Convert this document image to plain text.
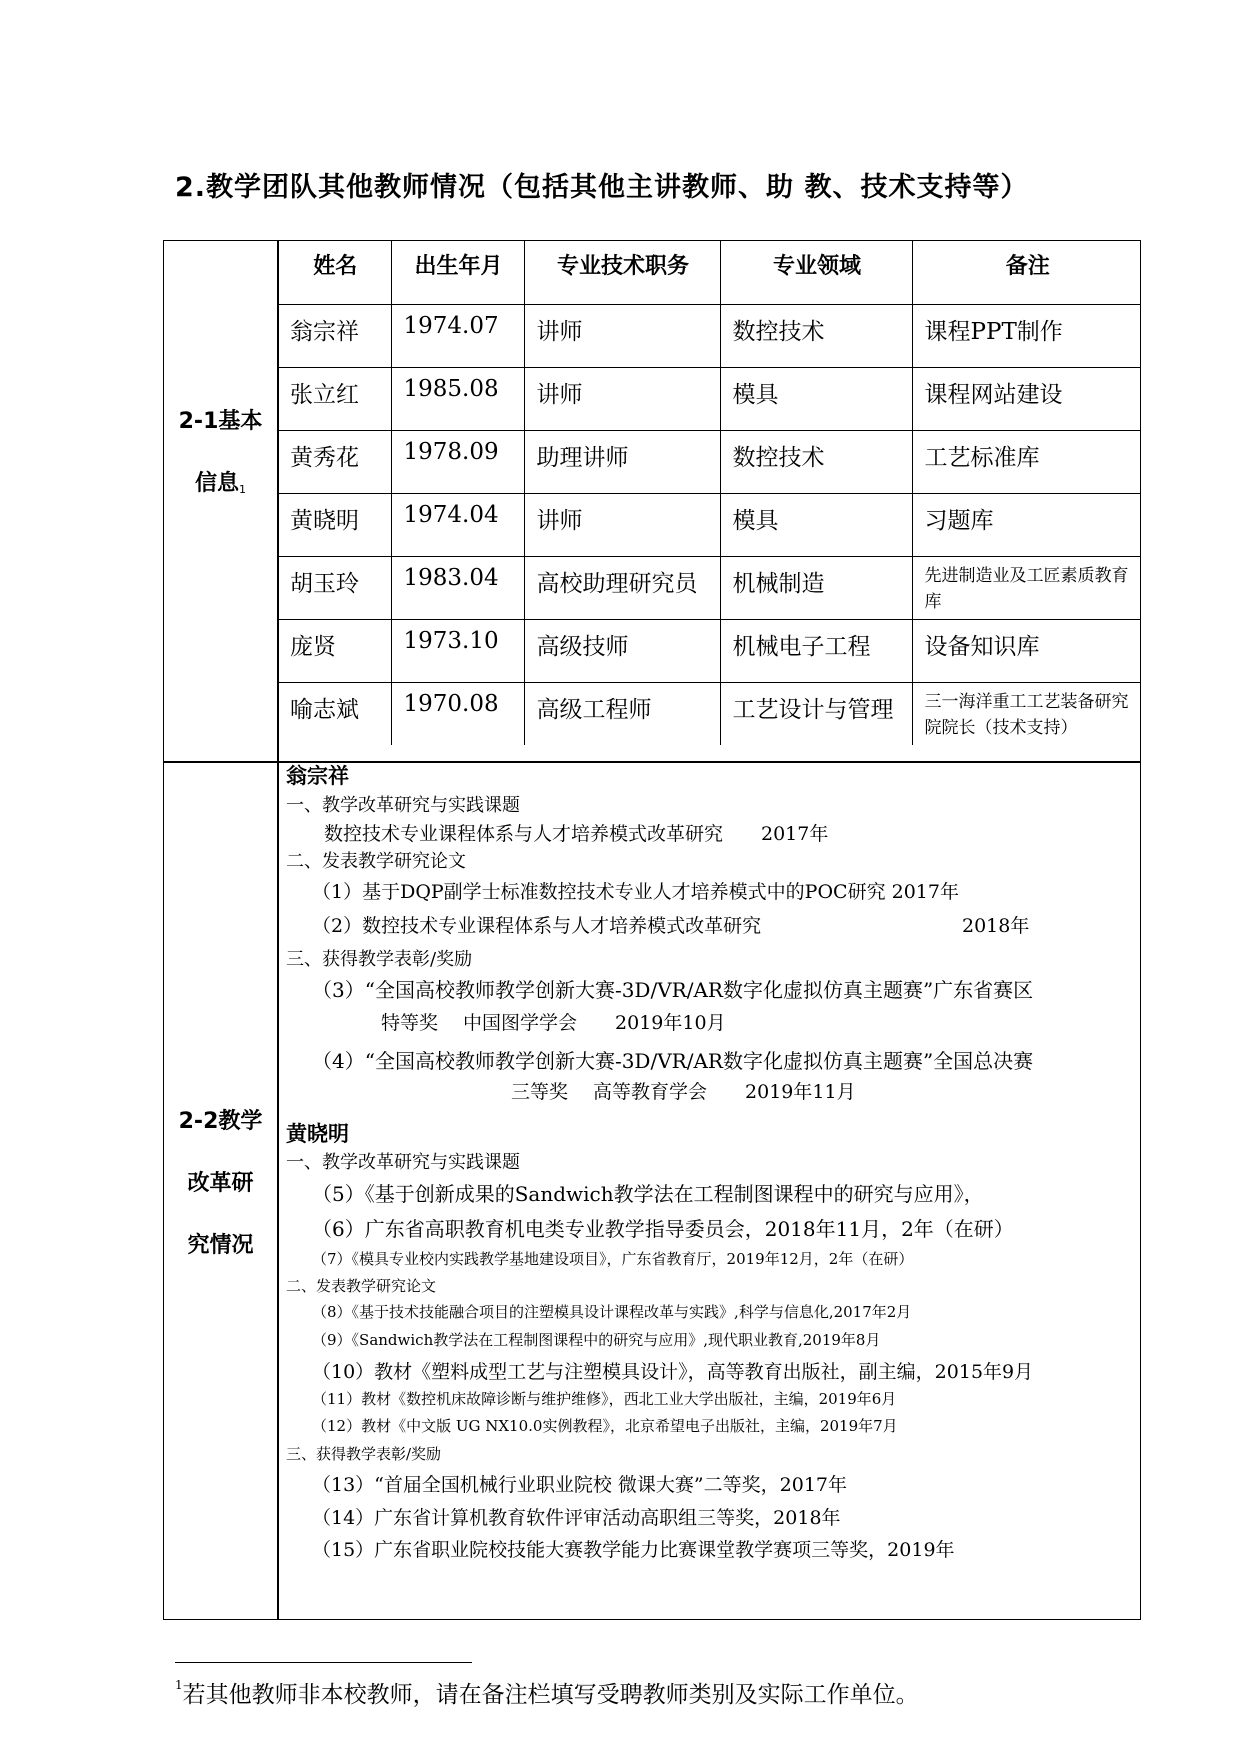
2.教学团队其他教师情况（包括其他主讲教师、助 教、技术支持等）
2-1基本
信息$^1$
姓名	出生年月	专业技术职务	专业领域	备注
翁宗祥	1974.07	讲师	数控技术	课程PPT制作
张立红	1985.08	讲师	模具	课程网站建设
黄秀花	1978.09	助理讲师	数控技术	工艺标准库
黄晓明	1974.04	讲师	模具	习题库
胡玉玲	1983.04	高校助理研究员	机械制造	先进制造业及工匠素质教育库
庞贤	1973.10	高级技师	机械电子工程	设备知识库
喻志斌	1970.08	高级工程师	工艺设计与管理	三一海洋重工工艺装备研究院院长（技术支持）
2-2教学
改革研
究情况
翁宗祥
一、教学改革研究与实践课题
数控技术专业课程体系与人才培养模式改革研究　　2017年
二、发表教学研究论文
（1）基于DQP副学士标准数控技术专业人才培养模式中的POC研究 2017年
（2）数控技术专业课程体系与人才培养模式改革研究	2018年
三、获得教学表彰/奖励
（3）“全国高校教师教学创新大赛-3D/VR/AR数字化虚拟仿真主题赛”广东省赛区
特等奖　 中国图学学会　　2019年10月
（4）“全国高校教师教学创新大赛-3D/VR/AR数字化虚拟仿真主题赛”全国总决赛
三等奖　 高等教育学会　　2019年11月
黄晓明
一、教学改革研究与实践课题
（5）《基于创新成果的Sandwich教学法在工程制图课程中的研究与应用》，
（6）广东省高职教育机电类专业教学指导委员会，2018年11月，2年（在研）
（7）《模具专业校内实践教学基地建设项目》，广东省教育厅，2019年12月，2年（在研）
二、发表教学研究论文
（8）《基于技术技能融合项目的注塑模具设计课程改革与实践》,科学与信息化,2017年2月
（9）《Sandwich教学法在工程制图课程中的研究与应用》,现代职业教育,2019年8月
（10）教材《塑料成型工艺与注塑模具设计》，高等教育出版社，副主编，2015年9月
（11）教材《数控机床故障诊断与维护维修》，西北工业大学出版社，主编，2019年6月
（12）教材《中文版 UG NX10.0实例教程》，北京希望电子出版社，主编，2019年7月
三、获得教学表彰/奖励
（13）“首届全国机械行业职业院校 微课大赛”二等奖，2017年
（14）广东省计算机教育软件评审活动高职组三等奖，2018年
（15）广东省职业院校技能大赛教学能力比赛课堂教学赛项三等奖，2019年
$^1$若其他教师非本校教师，请在备注栏填写受聘教师类别及实际工作单位。
